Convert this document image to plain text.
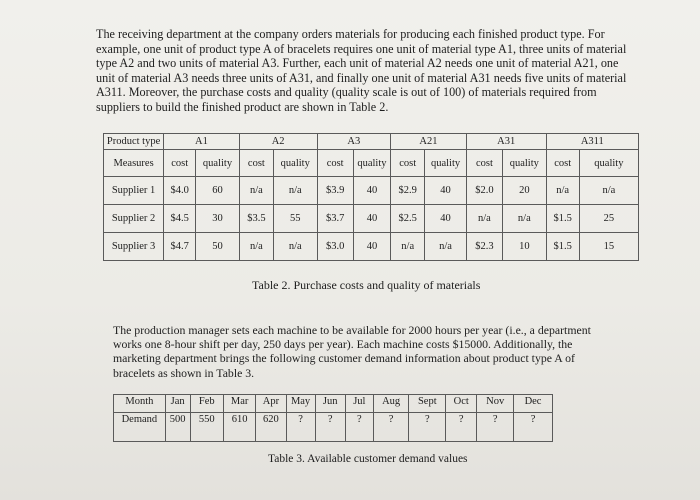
The receiving department at the company orders materials for producing each finished product type. For example, one unit of product type A of bracelets requires one unit of material type A1, three units of material type A2 and two units of material A3. Further, each unit of material A2 needs one unit of material A21, one unit of material A3 needs three units of A31, and finally one unit of material A31 needs five units of material A311. Moreover, the purchase costs and quality (quality scale is out of 100) of materials required from suppliers to build the finished product are shown in Table 2.
Product type	A1		A2		A3		A21		A31		A311	
Measures	cost	quality	cost	quality	cost	quality	cost	quality	cost	quality	cost	quality
Supplier 1	$4.0	60	n/a	n/a	$3.9	40	$2.9	40	$2.0	20	n/a	n/a
Supplier 2	$4.5	30	$3.5	55	$3.7	40	$2.5	40	n/a	n/a	$1.5	25
Supplier 3	$4.7	50	n/a	n/a	$3.0	40	n/a	n/a	$2.3	10	$1.5	15
Table 2. Purchase costs and quality of materials
The production manager sets each machine to be available for 2000 hours per year (i.e., a department works one 8-hour shift per day, 250 days per year). Each machine costs $15000. Additionally, the marketing department brings the following customer demand information about product type A of bracelets as shown in Table 3.
Month	Jan	Feb	Mar	Apr	May	Jun	Jul	Aug	Sept	Oct	Nov	Dec
Demand	500	550	610	620	?	?	?	?	?	?	?	?
Table 3. Available customer demand values
